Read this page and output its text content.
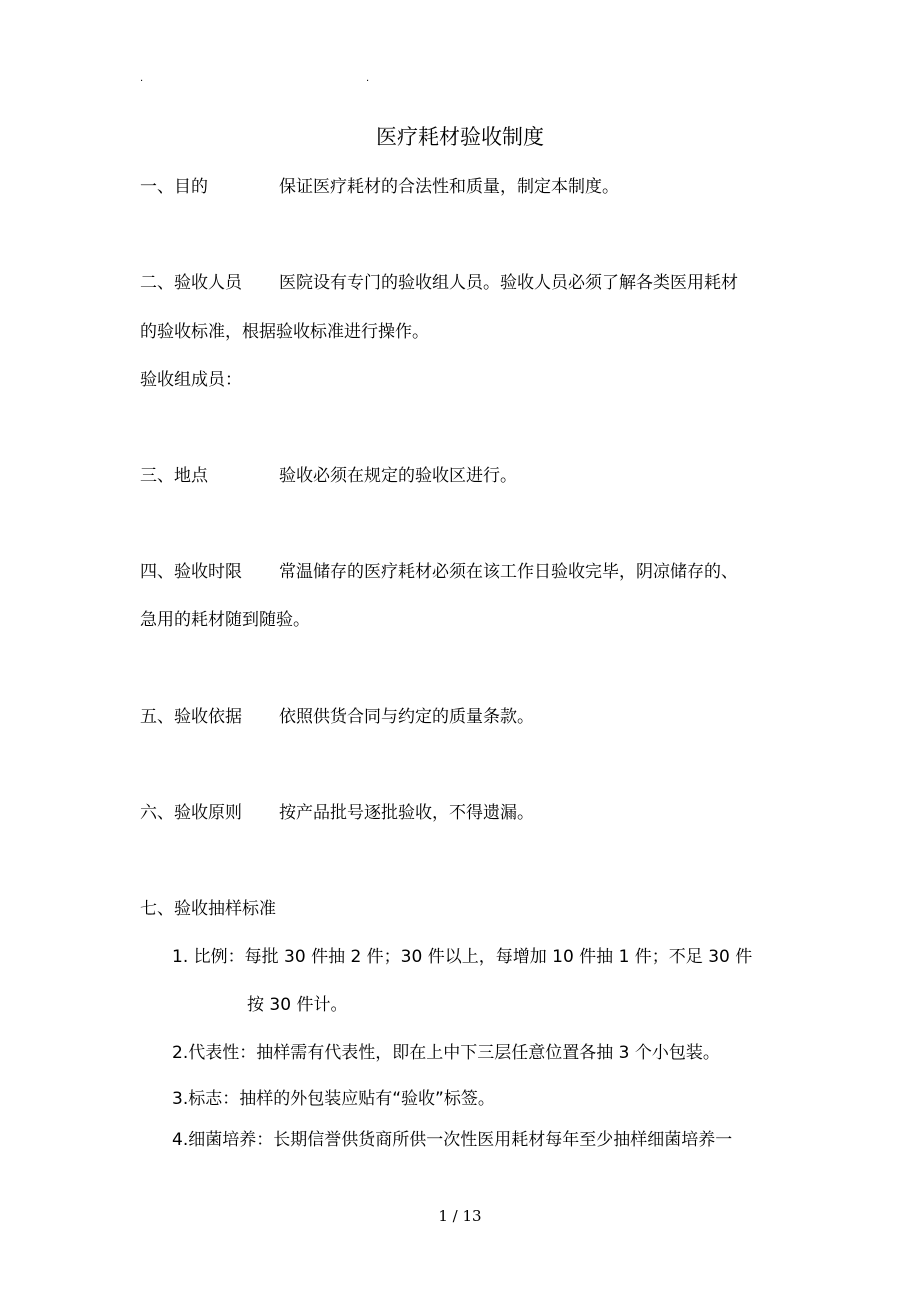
.	.
医疗耗材验收制度
一、目的	保证医疗耗材的合法性和质量，制定本制度。
二、验收人员 医院设有专门的验收组人员。验收人员必须了解各类医用耗材
的验收标准，根据验收标准进行操作。
验收组成员：
三、地点	验收必须在规定的验收区进行。
四、验收时限 常温储存的医疗耗材必须在该工作日验收完毕，阴凉储存的、
急用的耗材随到随验。
五、验收依据 依照供货合同与约定的质量条款。
六、验收原则 按产品批号逐批验收，不得遗漏。
七、验收抽样标准
1. 比例：每批 30 件抽 2 件；30 件以上，每增加 10 件抽 1 件；不足 30 件
按 30 件计。
2.代表性：抽样需有代表性，即在上中下三层任意位置各抽 3 个小包装。
3.标志：抽样的外包装应贴有“验收”标签。
4.细菌培养：长期信誉供货商所供一次性医用耗材每年至少抽样细菌培养一
1 / 13
